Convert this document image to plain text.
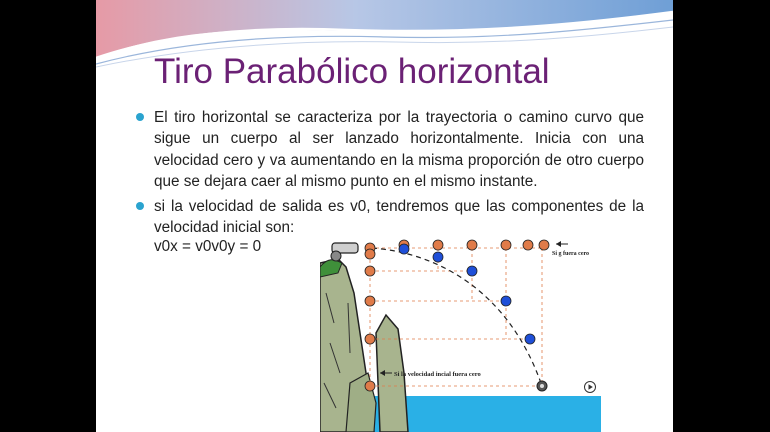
Tiro Parabólico horizontal
El tiro horizontal se caracteriza por la trayectoria o camino curvo que sigue un cuerpo al ser lanzado horizontalmente. Inicia con una velocidad cero y va aumentando en la misma proporción de otro cuerpo que se dejara caer al mismo punto en el mismo instante.
si la velocidad de salida es v0, tendremos que las componentes de la velocidad inicial son:
v0x = v0v0y = 0	Si g fuera cero
Si la velocidad incial fuera cero
